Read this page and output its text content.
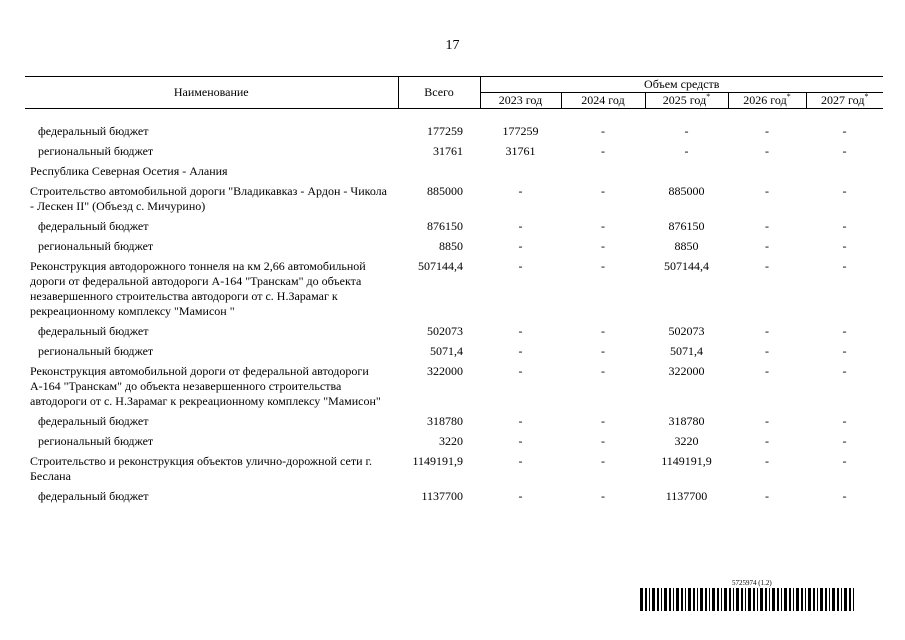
17
Наименование	Всего	Объем средств				
		2023 год	2024 год	2025 год*	2026 год*	2027 год*

федеральный бюджет	177259	177259	-	-	-	-
региональный бюджет	31761	31761	-	-	-	-
Республика Северная Осетия - Алания						
Строительство автомобильной дороги "Владикавказ - Ардон - Чикола - Лескен II" (Объезд с. Мичурино)	885000	-	-	885000	-	-
федеральный бюджет	876150	-	-	876150	-	-
региональный бюджет	8850	-	-	8850	-	-
Реконструкция автодорожного тоннеля на км 2,66 автомобильной дороги от федеральной автодороги А-164 "Транскам" до объекта незавершенного строительства автодороги от с. Н.Зарамаг к рекреационному комплексу "Мамисон "	507144,4	-	-	507144,4	-	-
федеральный бюджет	502073	-	-	502073	-	-
региональный бюджет	5071,4	-	-	5071,4	-	-
Реконструкция автомобильной дороги от федеральной автодороги А-164 "Транскам" до объекта незавершенного строительства автодороги от с. Н.Зарамаг к рекреационному комплексу "Мамисон"	322000	-	-	322000	-	-
федеральный бюджет	318780	-	-	318780	-	-
региональный бюджет	3220	-	-	3220	-	-
Строительство и реконструкция объектов улично-дорожной сети г. Беслана	1149191,9	-	-	1149191,9	-	-
федеральный бюджет	1137700	-	-	1137700	-	-
5725974 (1.2)
